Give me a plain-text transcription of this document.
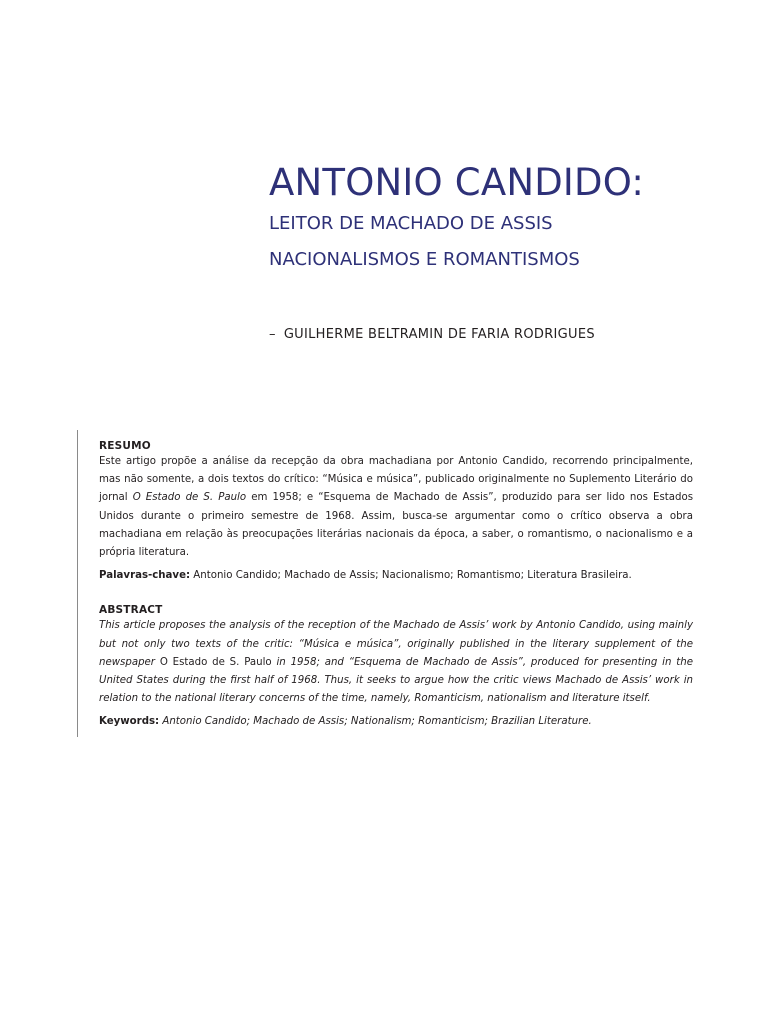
ANTONIO CANDIDO:

LEITOR DE MACHADO DE ASSIS

NACIONALISMOS E ROMANTISMOS

– GUILHERME BELTRAMIN DE FARIA RODRIGUES

RESUMO

Este artigo propõe a análise da recepção da obra machadiana por Antonio Candido, recorrendo principalmente, mas não somente, a dois textos do crítico: “Música e música”, publicado originalmente no Suplemento Literário do jornal O Estado de S. Paulo em 1958; e “Esquema de Machado de Assis”, produzido para ser lido nos Estados Unidos durante o primeiro semestre de 1968. Assim, busca-se argumentar como o crítico observa a obra machadiana em relação às preocupações literárias nacionais da época, a saber, o romantismo, o nacionalismo e a própria literatura.

Palavras-chave: Antonio Candido; Machado de Assis; Nacionalismo; Romantismo; Literatura Brasileira.

ABSTRACT

This article proposes the analysis of the reception of the Machado de Assis’ work by Antonio Candido, using mainly but not only two texts of the critic: “Música e música”, originally published in the literary supplement of the newspaper O Estado de S. Paulo in 1958; and “Esquema de Machado de Assis”, produced for presenting in the United States during the first half of 1968. Thus, it seeks to argue how the critic views Machado de Assis’ work in relation to the national literary concerns of the time, namely, Romanticism, nationalism and literature itself.

Keywords: Antonio Candido; Machado de Assis; Nationalism; Romanticism; Brazilian Literature.
